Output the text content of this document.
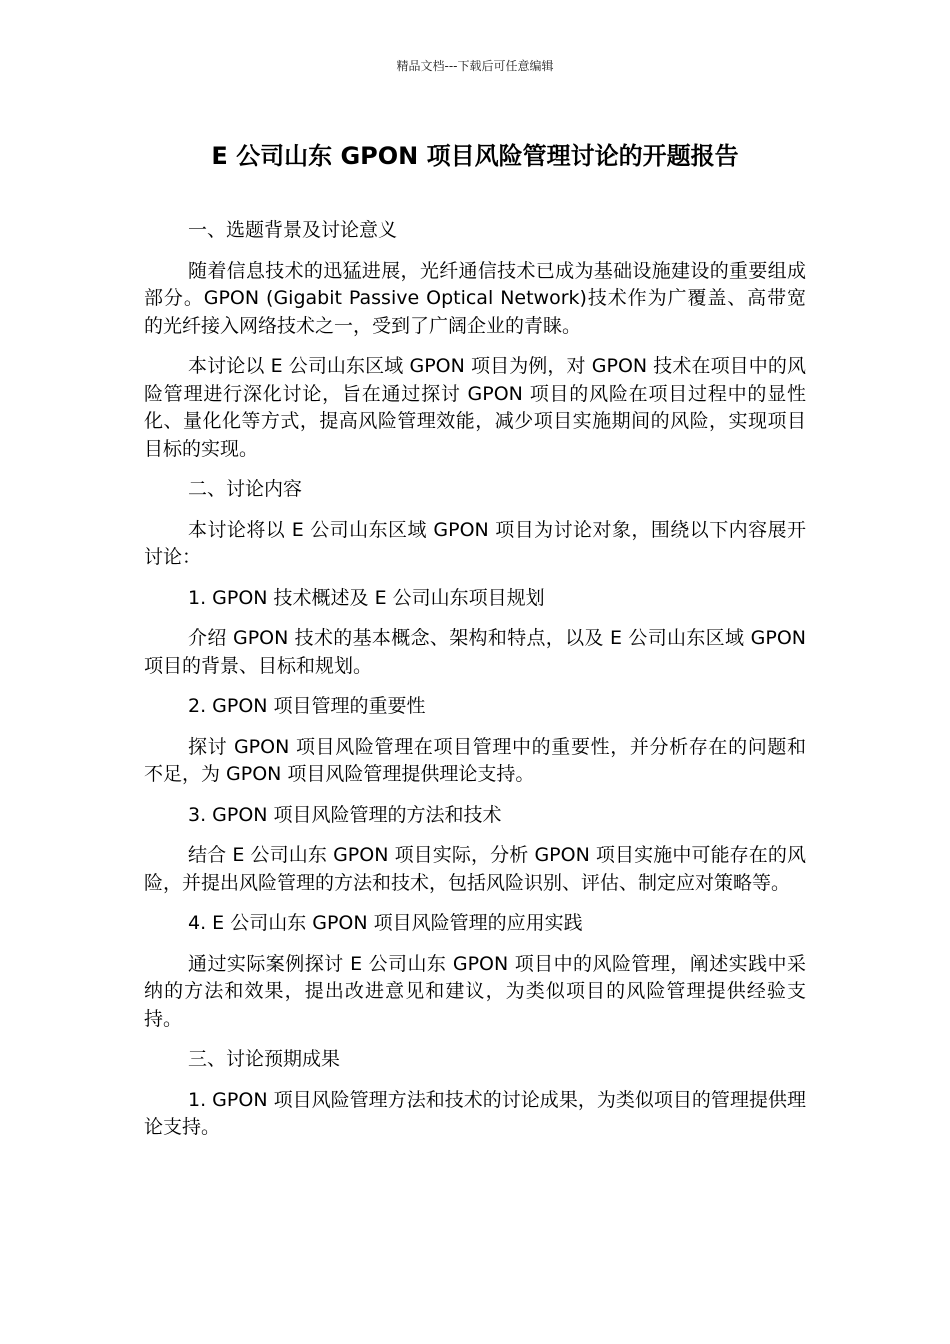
精品文档---下载后可任意编辑
E 公司山东 GPON 项目风险管理讨论的开题报告

一、选题背景及讨论意义

随着信息技术的迅猛进展，光纤通信技术已成为基础设施建设的重要组成部分。GPON (Gigabit Passive Optical Network)技术作为广覆盖、高带宽的光纤接入网络技术之一，受到了广阔企业的青睐。

本讨论以 E 公司山东区域 GPON 项目为例，对 GPON 技术在项目中的风险管理进行深化讨论，旨在通过探讨 GPON 项目的风险在项目过程中的显性化、量化化等方式，提高风险管理效能，减少项目实施期间的风险，实现项目目标的实现。

二、讨论内容

本讨论将以 E 公司山东区域 GPON 项目为讨论对象，围绕以下内容展开讨论：

1. GPON 技术概述及 E 公司山东项目规划

介绍 GPON 技术的基本概念、架构和特点，以及 E 公司山东区域 GPON 项目的背景、目标和规划。

2. GPON 项目管理的重要性

探讨 GPON 项目风险管理在项目管理中的重要性，并分析存在的问题和不足，为 GPON 项目风险管理提供理论支持。

3. GPON 项目风险管理的方法和技术

结合 E 公司山东 GPON 项目实际，分析 GPON 项目实施中可能存在的风险，并提出风险管理的方法和技术，包括风险识别、评估、制定应对策略等。

4. E 公司山东 GPON 项目风险管理的应用实践

通过实际案例探讨 E 公司山东 GPON 项目中的风险管理，阐述实践中采纳的方法和效果，提出改进意见和建议，为类似项目的风险管理提供经验支持。

三、讨论预期成果

1. GPON 项目风险管理方法和技术的讨论成果，为类似项目的管理提供理论支持。
